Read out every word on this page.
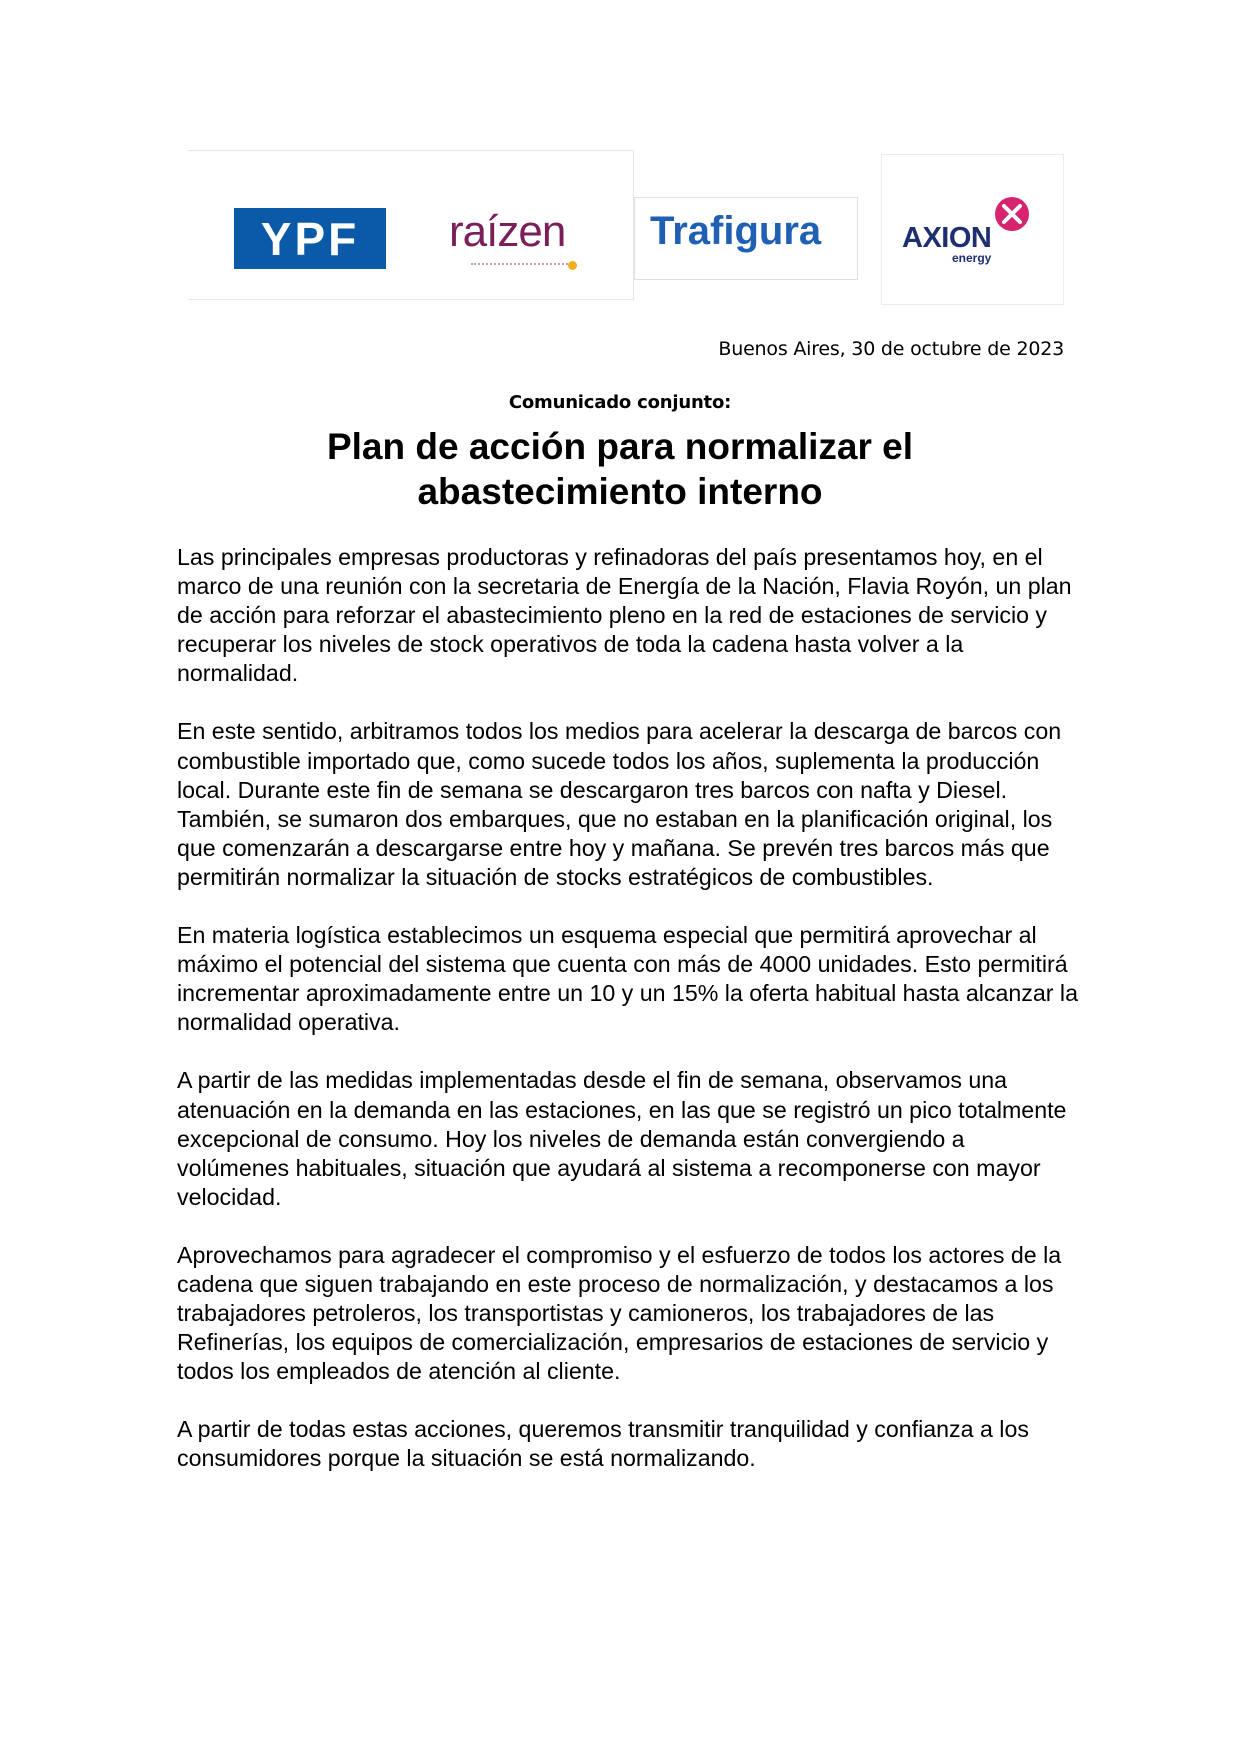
YPF raízen Trafigura	AXION
energy
Buenos Aires, 30 de octubre de 2023
Comunicado conjunto:
Plan de acción para normalizar el abastecimiento interno

Las principales empresas productoras y refinadoras del país presentamos hoy, en el marco de una reunión con la secretaria de Energía de la Nación, Flavia Royón, un plan de acción para reforzar el abastecimiento pleno en la red de estaciones de servicio y recuperar los niveles de stock operativos de toda la cadena hasta volver a la normalidad.

En este sentido, arbitramos todos los medios para acelerar la descarga de barcos con combustible importado que, como sucede todos los años, suplementa la producción local. Durante este fin de semana se descargaron tres barcos con nafta y Diesel. También, se sumaron dos embarques, que no estaban en la planificación original, los que comenzarán a descargarse entre hoy y mañana. Se prevén tres barcos más que permitirán normalizar la situación de stocks estratégicos de combustibles.

En materia logística establecimos un esquema especial que permitirá aprovechar al máximo el potencial del sistema que cuenta con más de 4000 unidades. Esto permitirá incrementar aproximadamente entre un 10 y un 15% la oferta habitual hasta alcanzar la normalidad operativa.

A partir de las medidas implementadas desde el fin de semana, observamos una atenuación en la demanda en las estaciones, en las que se registró un pico totalmente excepcional de consumo. Hoy los niveles de demanda están convergiendo a volúmenes habituales, situación que ayudará al sistema a recomponerse con mayor velocidad.

Aprovechamos para agradecer el compromiso y el esfuerzo de todos los actores de la cadena que siguen trabajando en este proceso de normalización, y destacamos a los trabajadores petroleros, los transportistas y camioneros, los trabajadores de las Refinerías, los equipos de comercialización, empresarios de estaciones de servicio y todos los empleados de atención al cliente.

A partir de todas estas acciones, queremos transmitir tranquilidad y confianza a los consumidores porque la situación se está normalizando.
